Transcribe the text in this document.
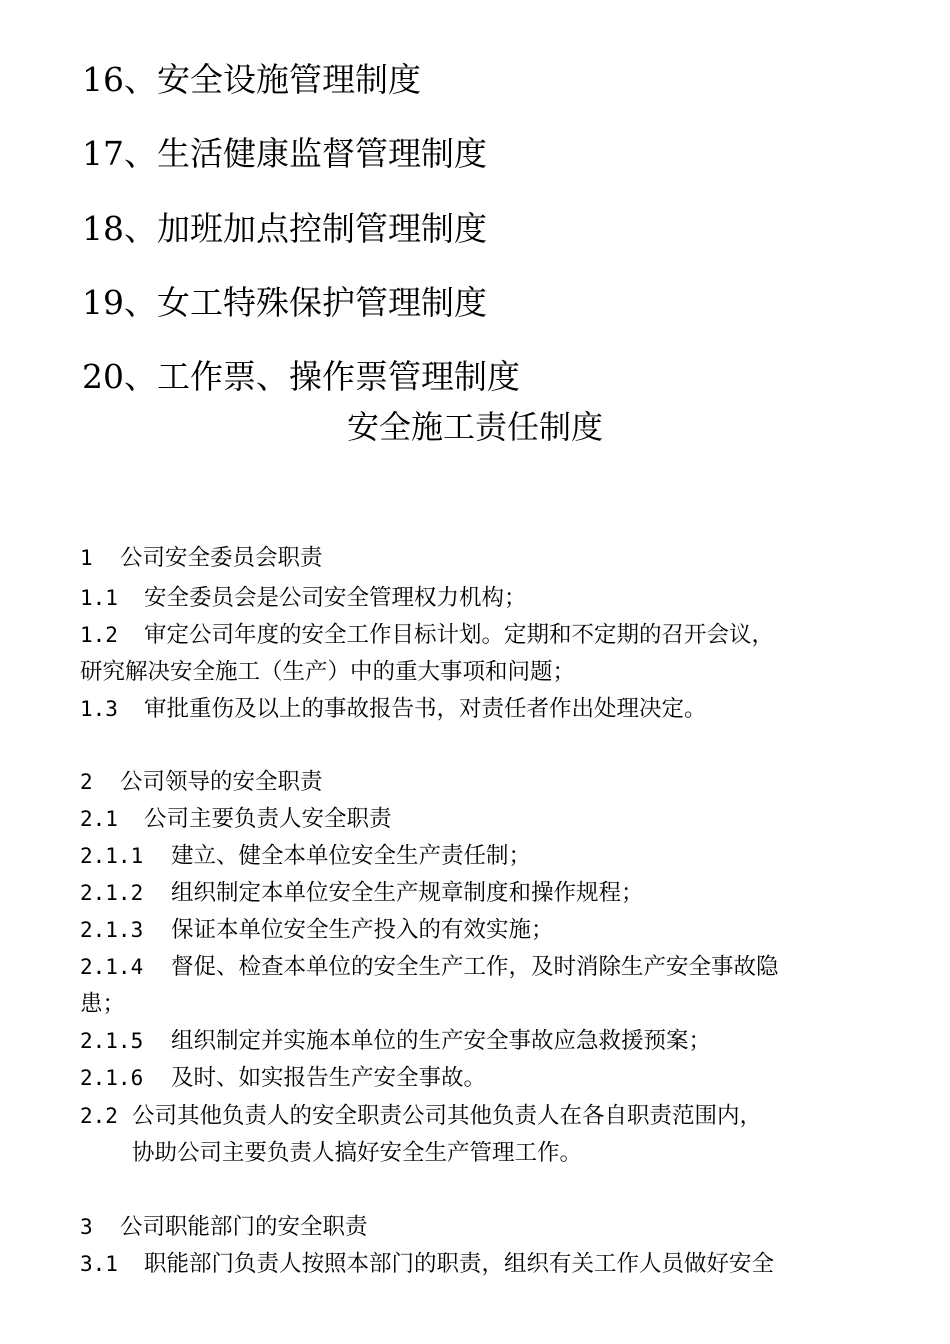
16、安全设施管理制度
17、生活健康监督管理制度
18、加班加点控制管理制度
19、女工特殊保护管理制度
20、工作票、操作票管理制度
安全施工责任制度
1 公司安全委员会职责
1.1 安全委员会是公司安全管理权力机构；
1.2 审定公司年度的安全工作目标计划。定期和不定期的召开会议，
研究解决安全施工（生产）中的重大事项和问题；
1.3 审批重伤及以上的事故报告书，对责任者作出处理决定。
2 公司领导的安全职责
2.1 公司主要负责人安全职责
2.1.1 建立、健全本单位安全生产责任制；
2.1.2 组织制定本单位安全生产规章制度和操作规程；
2.1.3 保证本单位安全生产投入的有效实施；
2.1.4 督促、检查本单位的安全生产工作，及时消除生产安全事故隐
患；
2.1.5 组织制定并实施本单位的生产安全事故应急救援预案；
2.1.6 及时、如实报告生产安全事故。
2.2 公司其他负责人的安全职责公司其他负责人在各自职责范围内，
协助公司主要负责人搞好安全生产管理工作。
3 公司职能部门的安全职责
3.1 职能部门负责人按照本部门的职责，组织有关工作人员做好安全
